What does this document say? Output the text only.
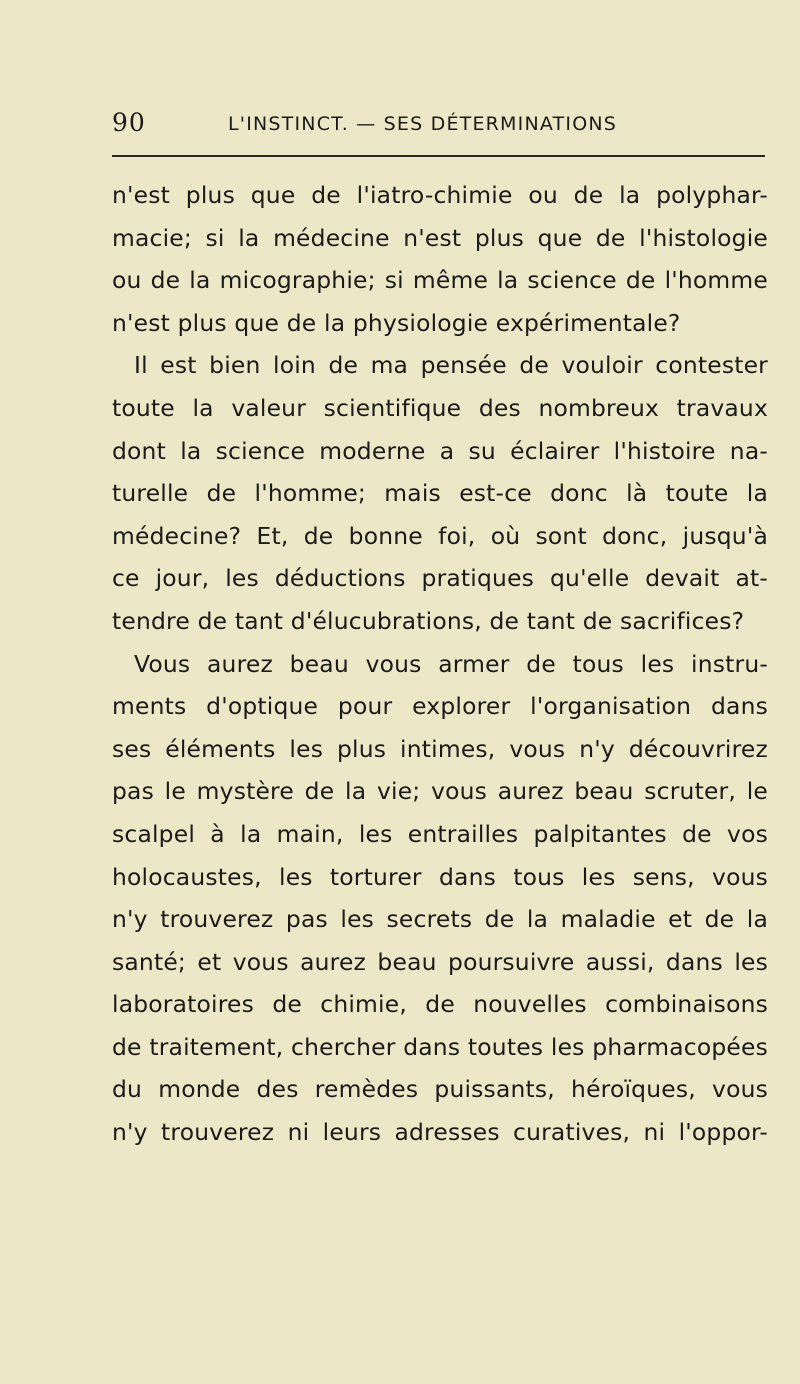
90	L'INSTINCT. — SES DÉTERMINATIONS
n'est plus que de l'iatro-chimie ou de la polyphar-
macie; si la médecine n'est plus que de l'histologie
ou de la micographie; si même la science de l'homme
n'est plus que de la physiologie expérimentale?
Il est bien loin de ma pensée de vouloir contester
toute la valeur scientifique des nombreux travaux
dont la science moderne a su éclairer l'histoire na-
turelle de l'homme; mais est-ce donc là toute la
médecine? Et, de bonne foi, où sont donc, jusqu'à
ce jour, les déductions pratiques qu'elle devait at-
tendre de tant d'élucubrations, de tant de sacrifices?
Vous aurez beau vous armer de tous les instru-
ments d'optique pour explorer l'organisation dans
ses éléments les plus intimes, vous n'y découvrirez
pas le mystère de la vie; vous aurez beau scruter, le
scalpel à la main, les entrailles palpitantes de vos
holocaustes, les torturer dans tous les sens, vous
n'y trouverez pas les secrets de la maladie et de la
santé; et vous aurez beau poursuivre aussi, dans les
laboratoires de chimie, de nouvelles combinaisons
de traitement, chercher dans toutes les pharmacopées
du monde des remèdes puissants, héroïques, vous
n'y trouverez ni leurs adresses curatives, ni l'oppor-
